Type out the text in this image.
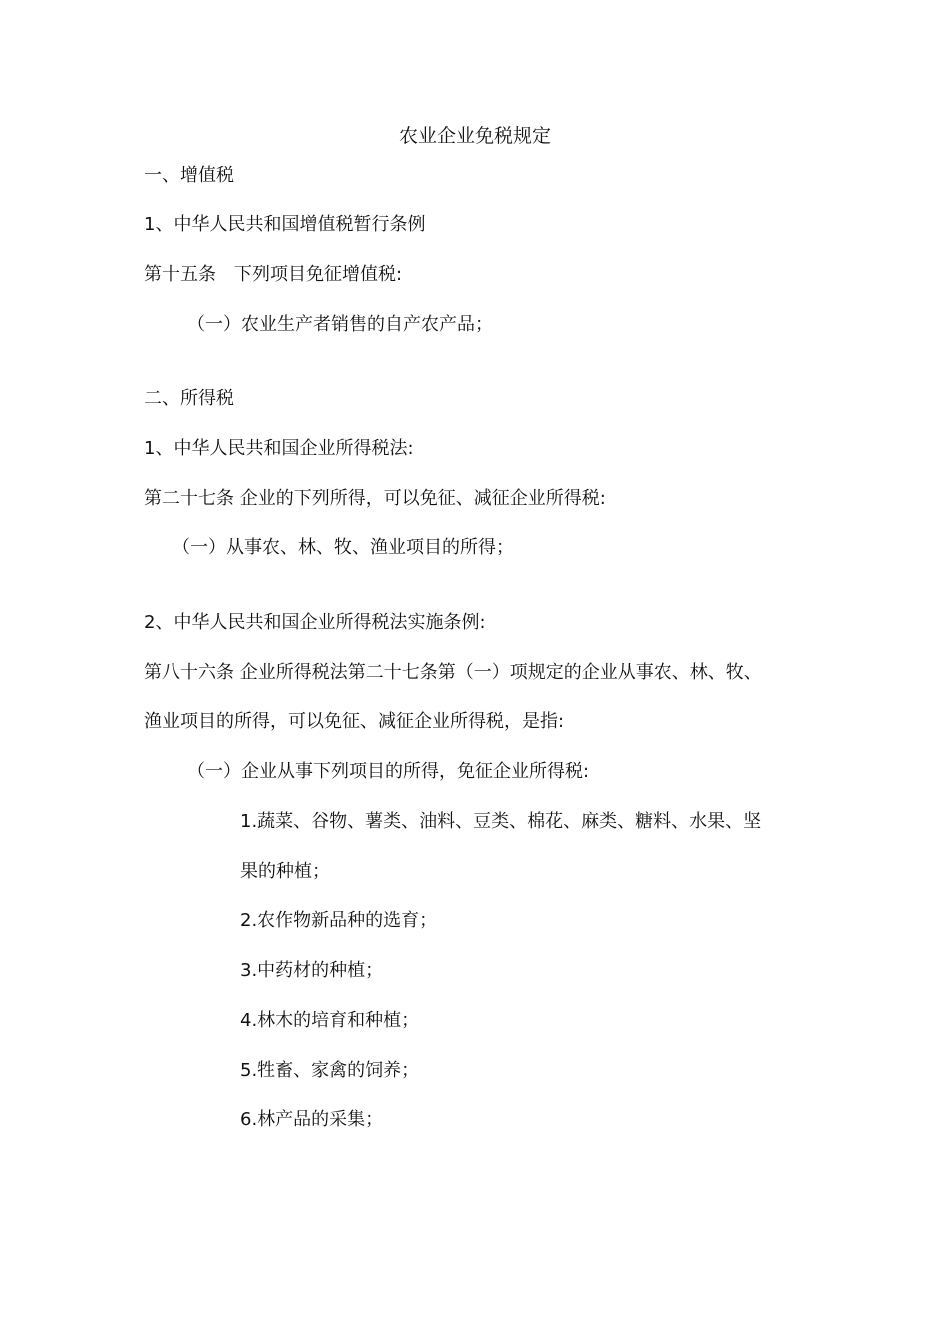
农业企业免税规定

一、增值税

1、中华人民共和国增值税暂行条例

第十五条　下列项目免征增值税:

（一）农业生产者销售的自产农产品；

二、所得税

1、中华人民共和国企业所得税法:

第二十七条 企业的下列所得，可以免征、减征企业所得税:

（一）从事农、林、牧、渔业项目的所得；

2、中华人民共和国企业所得税法实施条例:

第八十六条 企业所得税法第二十七条第（一）项规定的企业从事农、林、牧、

渔业项目的所得，可以免征、减征企业所得税，是指:

（一）企业从事下列项目的所得，免征企业所得税:

1.蔬菜、谷物、薯类、油料、豆类、棉花、麻类、糖料、水果、坚

果的种植；

2.农作物新品种的选育；

3.中药材的种植；

4.林木的培育和种植；

5.牲畜、家禽的饲养；

6.林产品的采集；
